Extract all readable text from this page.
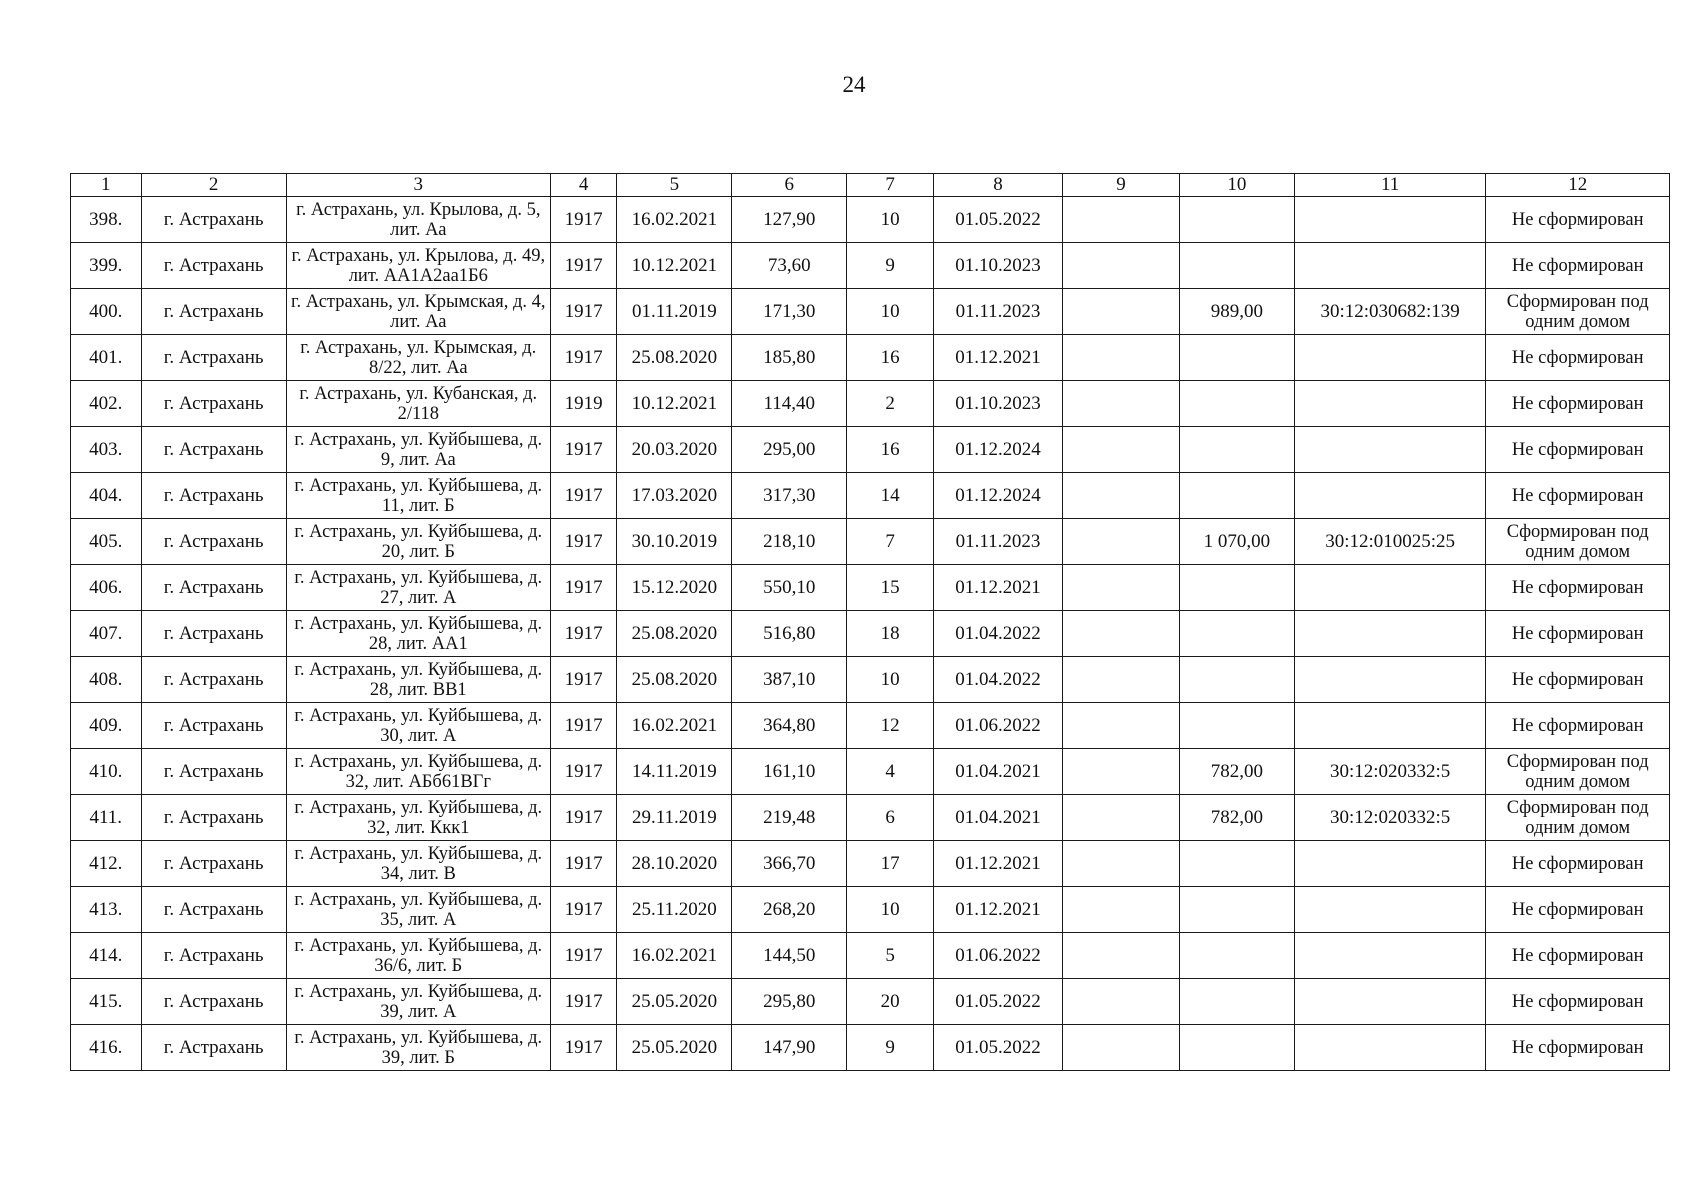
24
1	2	3	4	5	6	7	8	9	10	11	12
398.	г. Астрахань	г. Астрахань, ул. Крылова, д. 5, лит. Аа	1917	16.02.2021	127,90	10	01.05.2022				Не сформирован
399.	г. Астрахань	г. Астрахань, ул. Крылова, д. 49, лит. АА1А2аа1Б6	1917	10.12.2021	73,60	9	01.10.2023				Не сформирован
400.	г. Астрахань	г. Астрахань, ул. Крымская, д. 4, лит. Аа	1917	01.11.2019	171,30	10	01.11.2023		989,00	30:12:030682:139	Сформирован под одним домом
401.	г. Астрахань	г. Астрахань, ул. Крымская, д. 8/22, лит. Аа	1917	25.08.2020	185,80	16	01.12.2021				Не сформирован
402.	г. Астрахань	г. Астрахань, ул. Кубанская, д. 2/118	1919	10.12.2021	114,40	2	01.10.2023				Не сформирован
403.	г. Астрахань	г. Астрахань, ул. Куйбышева, д. 9, лит. Аа	1917	20.03.2020	295,00	16	01.12.2024				Не сформирован
404.	г. Астрахань	г. Астрахань, ул. Куйбышева, д. 11, лит. Б	1917	17.03.2020	317,30	14	01.12.2024				Не сформирован
405.	г. Астрахань	г. Астрахань, ул. Куйбышева, д. 20, лит. Б	1917	30.10.2019	218,10	7	01.11.2023		1 070,00	30:12:010025:25	Сформирован под одним домом
406.	г. Астрахань	г. Астрахань, ул. Куйбышева, д. 27, лит. А	1917	15.12.2020	550,10	15	01.12.2021				Не сформирован
407.	г. Астрахань	г. Астрахань, ул. Куйбышева, д. 28, лит. АА1	1917	25.08.2020	516,80	18	01.04.2022				Не сформирован
408.	г. Астрахань	г. Астрахань, ул. Куйбышева, д. 28, лит. ВВ1	1917	25.08.2020	387,10	10	01.04.2022				Не сформирован
409.	г. Астрахань	г. Астрахань, ул. Куйбышева, д. 30, лит. А	1917	16.02.2021	364,80	12	01.06.2022				Не сформирован
410.	г. Астрахань	г. Астрахань, ул. Куйбышева, д. 32, лит. АБб61ВГг	1917	14.11.2019	161,10	4	01.04.2021		782,00	30:12:020332:5	Сформирован под одним домом
411.	г. Астрахань	г. Астрахань, ул. Куйбышева, д. 32, лит. Ккк1	1917	29.11.2019	219,48	6	01.04.2021		782,00	30:12:020332:5	Сформирован под одним домом
412.	г. Астрахань	г. Астрахань, ул. Куйбышева, д. 34, лит. В	1917	28.10.2020	366,70	17	01.12.2021				Не сформирован
413.	г. Астрахань	г. Астрахань, ул. Куйбышева, д. 35, лит. А	1917	25.11.2020	268,20	10	01.12.2021				Не сформирован
414.	г. Астрахань	г. Астрахань, ул. Куйбышева, д. 36/6, лит. Б	1917	16.02.2021	144,50	5	01.06.2022				Не сформирован
415.	г. Астрахань	г. Астрахань, ул. Куйбышева, д. 39, лит. А	1917	25.05.2020	295,80	20	01.05.2022				Не сформирован
416.	г. Астрахань	г. Астрахань, ул. Куйбышева, д. 39, лит. Б	1917	25.05.2020	147,90	9	01.05.2022				Не сформирован
